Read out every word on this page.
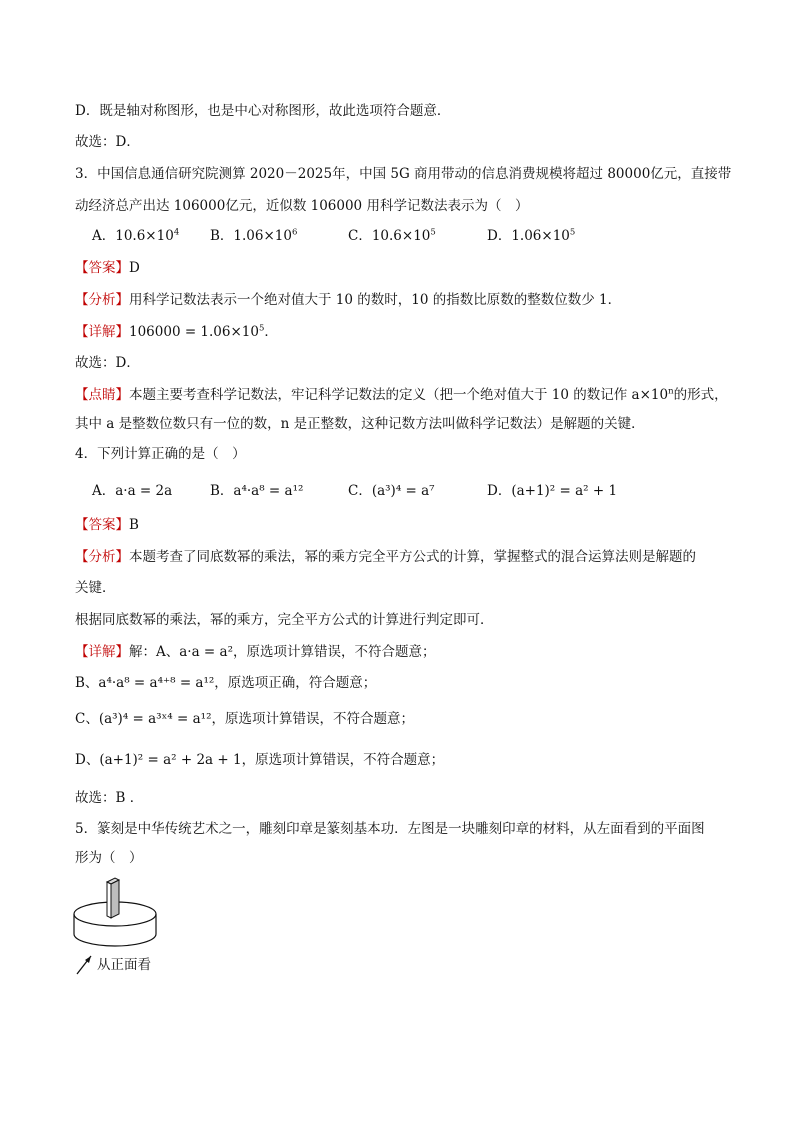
D．既是轴对称图形，也是中心对称图形，故此选项符合题意．
故选：D．
3．中国信息通信研究院测算 2020－2025年，中国 5G 商用带动的信息消费规模将超过 80000亿元，直接带
动经济总产出达 106000亿元，近似数 106000 用科学记数法表示为（　）
A．$10.6\times 10^4$ B．$1.06\times 10^6$	C．$10.6\times 10^5$	D．$1.06\times 10^5$
【答案】D
【分析】用科学记数法表示一个绝对值大于 10 的数时，10 的指数比原数的整数位数少 1．
【详解】$106000 = 1.06\times 10^5$．
故选：D．
【点睛】本题主要考查科学记数法，牢记科学记数法的定义（把一个绝对值大于 10 的数记作 $a\times 10^n$的形式，
其中 a 是整数位数只有一位的数，n 是正整数，这种记数方法叫做科学记数法）是解题的关键．
4．下列计算正确的是（　）
A．a·a = 2a	B．a⁴·a⁸ = a¹²	C．(a³)⁴ = a⁷	D．(a+1)² = a² + 1
【答案】B
【分析】本题考查了同底数幂的乘法，幂的乘方完全平方公式的计算，掌握整式的混合运算法则是解题的
关键．
根据同底数幂的乘法，幂的乘方，完全平方公式的计算进行判定即可．
【详解】解：A、a·a = a²，原选项计算错误，不符合题意；
B、a⁴·a⁸ = a⁴⁺⁸ = a¹²，原选项正确，符合题意；
C、(a³)⁴ = a³ˣ⁴ = a¹²，原选项计算错误，不符合题意；
D、(a+1)² = a² + 2a + 1，原选项计算错误，不符合题意；
故选：B ．
5．篆刻是中华传统艺术之一，雕刻印章是篆刻基本功．左图是一块雕刻印章的材料，从左面看到的平面图
形为（　）
从正面看
